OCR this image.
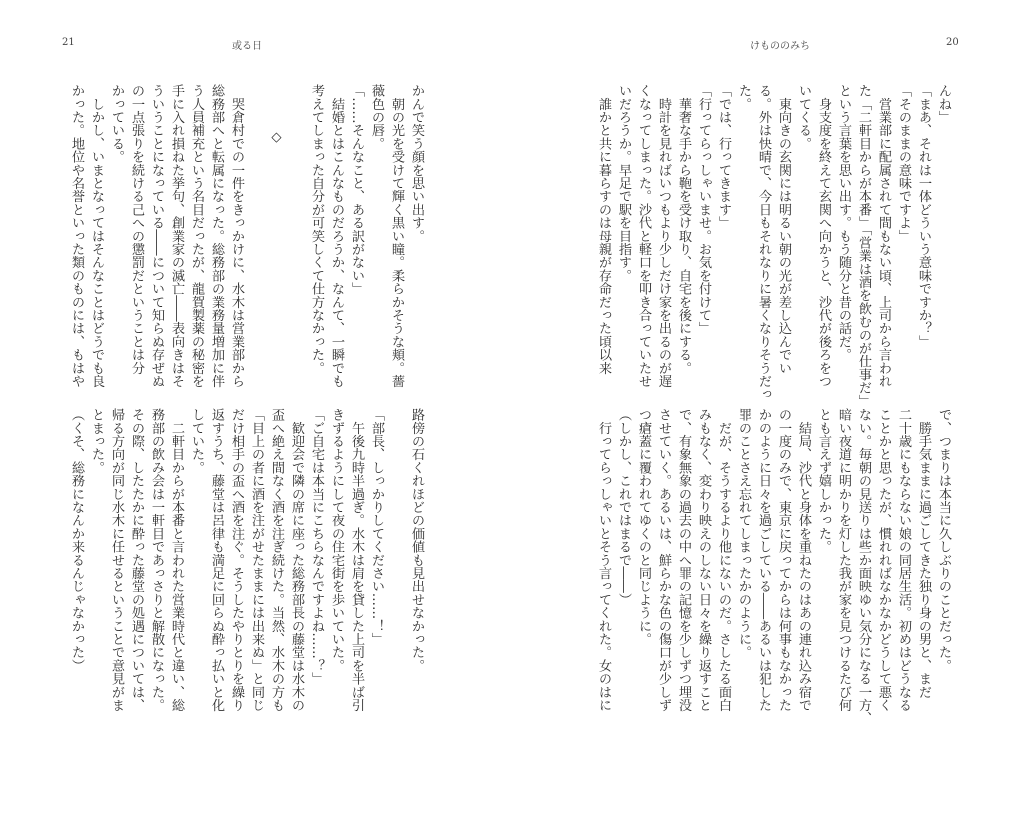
21	或る日	けもののみち	20
かんで笑う顔を思い出す。
　朝の光を受けて輝く黒い瞳。柔らかそうな頬。薔
薇色の唇。
「……そんなこと、ある訳がない」
　結婚とはこんなものだろうか、なんて、一瞬でも
考えてしまった自分が可笑しくて仕方なかった。
◇
　哭倉村での一件をきっかけに、水木は営業部から
総務部へと転属になった。総務部の業務量増加に伴
う人員補充という名目だったが、龍賀製薬の秘密を
手に入れ損ねた挙句、創業家の滅亡――表向きはそ
ういうことになっている――について知らぬ存ぜぬ
の一点張りを続ける己への懲罰だということは分
かっている。
　しかし、いまとなってはそんなことはどうでも良
かった。地位や名誉といった類のものには、もはや
路傍の石くれほどの価値も見出せなかった。
「部長、しっかりしてください……！」
　午後九時半過ぎ。水木は肩を貸した上司を半ば引
きずるようにして夜の住宅街を歩いていた。
「ご自宅は本当にこちらなんですよね……？」
　歓迎会で隣の席に座った総務部長の藤堂は水木の
盃へ絶え間なく酒を注ぎ続けた。当然、水木の方も
「目上の者に酒を注がせたままには出来ぬ」と同じ
だけ相手の盃へ酒を注ぐ。そうしたやりとりを繰り
返すうち、藤堂は呂律も満足に回らぬ酔っ払いと化
していた。
　二軒目からが本番と言われた営業時代と違い、総
務部の飲み会は一軒目であっさりと解散になった。
その際、したたかに酔った藤堂の処遇については、
帰る方向が同じ水木に任せるということで意見がま
とまった。
（くそ、総務になんか来るんじゃなかった）
んね」
「まあ、それは一体どういう意味ですか？」
「そのままの意味ですよ」
　営業部に配属されて間もない頃、上司から言われ
た「二軒目からが本番」「営業は酒を飲むのが仕事だ」
という言葉を思い出す。もう随分と昔の話だ。
　身支度を終えて玄関へ向かうと、沙代が後ろをつ
いてくる。
　東向きの玄関には明るい朝の光が差し込んでい
る。外は快晴で、今日もそれなりに暑くなりそうだっ
た。
「では、行ってきます」
「行ってらっしゃいませ。お気を付けて」
　華奢な手から鞄を受け取り、自宅を後にする。
　時計を見ればいつもより少しだけ家を出るのが遅
くなってしまった。沙代と軽口を叩き合っていたせ
いだろうか。早足で駅を目指す。
　誰かと共に暮らすのは母親が存命だった頃以来
で、つまりは本当に久しぶりのことだった。
　勝手気ままに過ごしてきた独り身の男と、まだ
二十歳にもならない娘の同居生活。初めはどうなる
ことかと思ったが、慣れればなかなかどうして悪く
ない。毎朝の見送りは些か面映ゆい気分になる一方、
暗い夜道に明かりを灯した我が家を見つけるたび何
とも言えず嬉しかった。
　結局、沙代と身体を重ねたのはあの連れ込み宿で
の一度のみで、東京に戻ってからは何事もなかった
かのように日々を過ごしている――あるいは犯した
罪のことさえ忘れてしまったかのように。
　だが、そうするより他にないのだ。さしたる面白
みもなく、変わり映えのしない日々を繰り返すこと
で、有象無象の過去の中へ罪の記憶を少しずつ埋没
させていく。あるいは、鮮らかな色の傷口が少しず
つ瘡蓋に覆われてゆくのと同じように。
（しかし、これではまるで――）
　行ってらっしゃいとそう言ってくれた。女のはに
